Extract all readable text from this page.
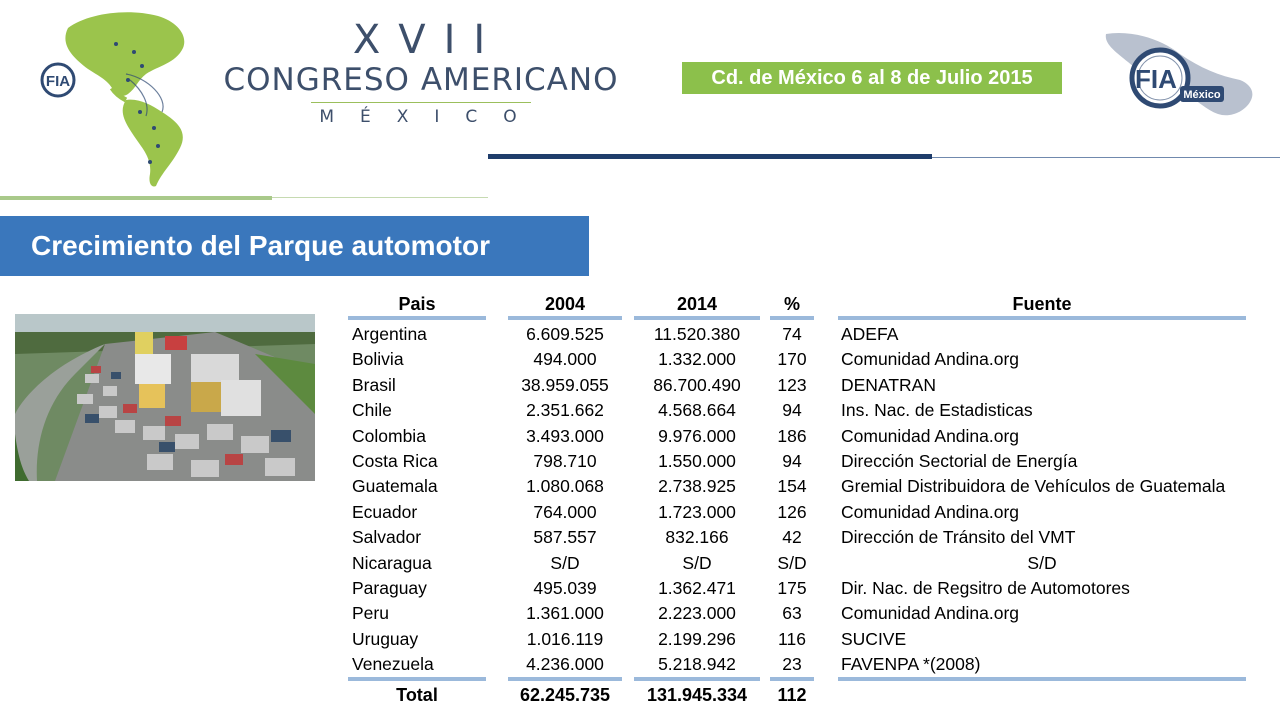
FIA
XVII
CONGRESO AMERICANO
MÉXICO
Cd. de México 6 al 8 de Julio 2015	FIA
México
Crecimiento del Parque automotor
Pais	2004	2014	%	Fuente
Argentina	6.609.525	11.520.380	74	ADEFA
Bolivia	494.000	1.332.000	170	Comunidad Andina.org
Brasil	38.959.055	86.700.490	123	DENATRAN
Chile	2.351.662	4.568.664	94	Ins. Nac. de Estadisticas
Colombia	3.493.000	9.976.000	186	Comunidad Andina.org
Costa Rica	798.710	1.550.000	94	Dirección Sectorial de Energía
Guatemala	1.080.068	2.738.925	154	Gremial Distribuidora de Vehículos de Guatemala
Ecuador	764.000	1.723.000	126	Comunidad Andina.org
Salvador	587.557	832.166	42	Dirección de Tránsito del VMT
Nicaragua	S/D	S/D	S/D	S/D
Paraguay	495.039	1.362.471	175	Dir. Nac. de Regsitro de Automotores
Peru	1.361.000	2.223.000	63	Comunidad Andina.org
Uruguay	1.016.119	2.199.296	116	SUCIVE
Venezuela	4.236.000	5.218.942	23	FAVENPA *(2008)
Total	62.245.735	131.945.334	112
